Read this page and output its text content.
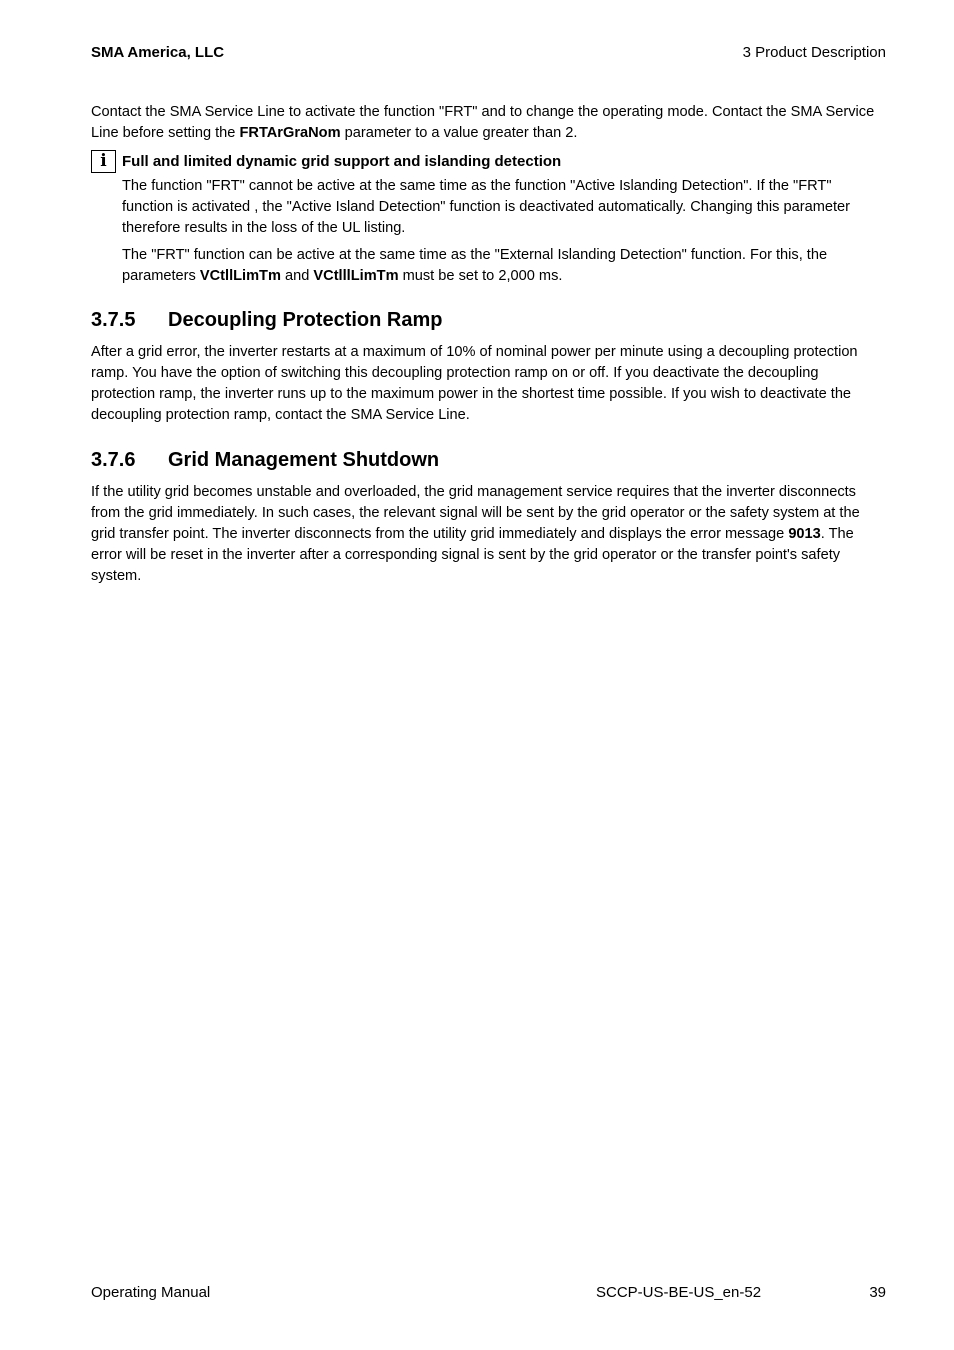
SMA America, LLC	3 Product Description

Contact the SMA Service Line to activate the function "FRT" and to change the operating mode. Contact the SMA Service Line before setting the FRTArGraNom parameter to a value greater than 2.

i	Full and limited dynamic grid support and islanding detection

The function "FRT" cannot be active at the same time as the function "Active Islanding Detection". If the "FRT" function is activated , the "Active Island Detection" function is deactivated automatically. Changing this parameter therefore results in the loss of the UL listing.

The "FRT" function can be active at the same time as the "External Islanding Detection" function. For this, the parameters VCtllLimTm and VCtlllLimTm must be set to 2,000 ms.

3.7.5	Decoupling Protection Ramp

After a grid error, the inverter restarts at a maximum of 10% of nominal power per minute using a decoupling protection ramp. You have the option of switching this decoupling protection ramp on or off. If you deactivate the decoupling protection ramp, the inverter runs up to the maximum power in the shortest time possible. If you wish to deactivate the decoupling protection ramp, contact the SMA Service Line.

3.7.6	Grid Management Shutdown

If the utility grid becomes unstable and overloaded, the grid management service requires that the inverter disconnects from the grid immediately. In such cases, the relevant signal will be sent by the grid operator or the safety system at the grid transfer point. The inverter disconnects from the utility grid immediately and displays the error message 9013. The error will be reset in the inverter after a corresponding signal is sent by the grid operator or the transfer point's safety system.

Operating Manual	SCCP-US-BE-US_en-52	39
